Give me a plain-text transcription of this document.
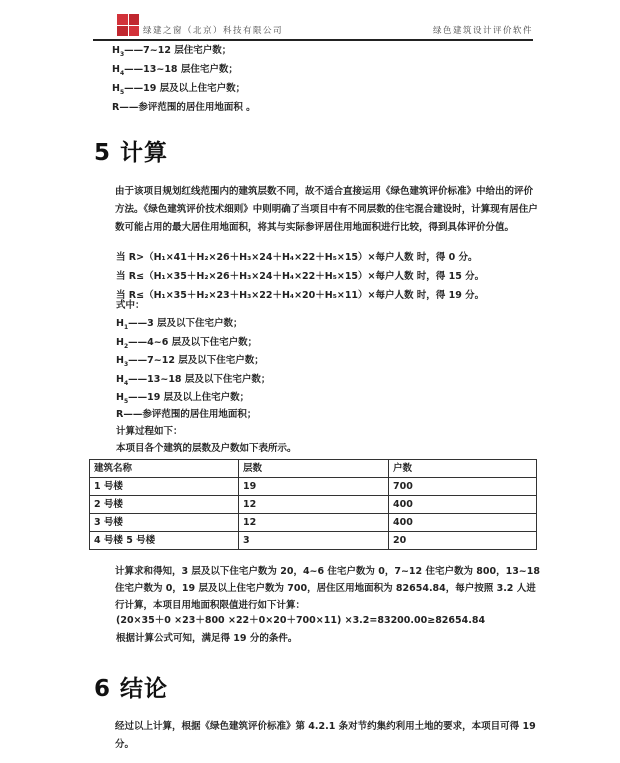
绿建之窗（北京）科技有限公司	绿色建筑设计评价软件
$H_3——7\sim 12$ 层住宅户数；
$H_4——13\sim 18$ 层住宅户数；
$H_5——19$ 层及以上住宅户数；
R——参评范围的居住用地面积 。
5 计算
由于该项目规划红线范围内的建筑层数不同，故不适合直接运用《绿色建筑评价标准》中给出的评价方法。《绿色建筑评价技术细则》中则明确了当项目中有不同层数的住宅混合建设时，计算现有居住户数可能占用的最大居住用地面积，将其与实际参评居住用地面积进行比较，得到具体评价分值。
当 R>（H₁×41＋H₂×26＋H₃×24＋H₄×22＋H₅×15）×每户人数 时，得 0 分。
当 R≤（H₁×35＋H₂×26＋H₃×24＋H₄×22＋H₅×15）×每户人数 时，得 15 分。
当 R≤（H₁×35＋H₂×23＋H₃×22＋H₄×20＋H₅×11）×每户人数 时，得 19 分。
式中：
$H_1——3$ 层及以下住宅户数；
$H_2——4\sim 6$ 层及以下住宅户数；
$H_3——7\sim 12$ 层及以下住宅户数；
$H_4——13\sim 18$ 层及以下住宅户数；
$H_5——19$ 层及以上住宅户数；
R——参评范围的居住用地面积；
计算过程如下：
建筑名称	层数	户数
1 号楼	19	700
2 号楼	12	400
3 号楼	12	400
4 号楼 5 号楼	3	20
计算求和得知，3 层及以下住宅户数为 20，4~6 住宅户数为 0，7~12 住宅户数为 800，13~18 住宅户数为 0，19 层及以上住宅户数为 700，居住区用地面积为 82654.84，每户按照 3.2 人进行计算，本项目用地面积限值进行如下计算：
(20×35＋0 ×23＋800 ×22＋0×20＋700×11) ×3.2=83200.00≥82654.84
根据计算公式可知，满足得 19 分的条件。
6 结论
经过以上计算，根据《绿色建筑评价标准》第 4.2.1 条对节约集约利用土地的要求，本项目可得 19 分。
本项目各个建筑的层数及户数如下表所示。
